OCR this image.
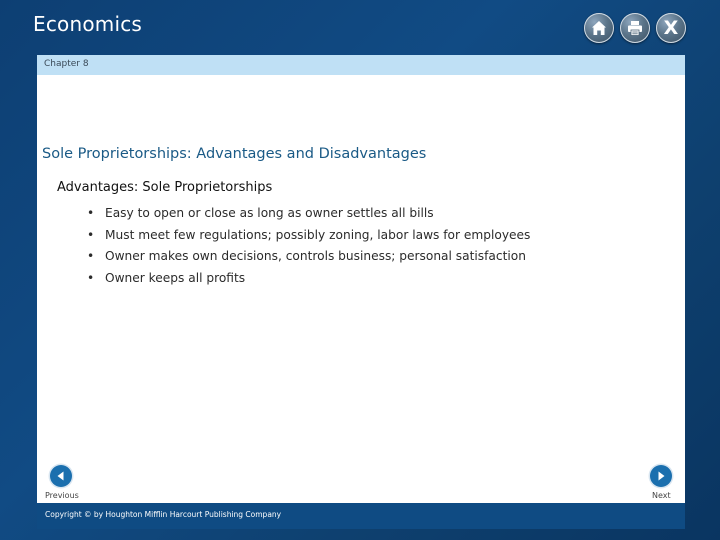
Economics	X
Chapter 8
Sole Proprietorships: Advantages and Disadvantages
Advantages: Sole Proprietorships
• Easy to open or close as long as owner settles all bills
• Must meet few regulations; possibly zoning, labor laws for employees
• Owner makes own decisions, controls business; personal satisfaction
• Owner keeps all profits
Previous	Next
Copyright © by Houghton Mifflin Harcourt Publishing Company
